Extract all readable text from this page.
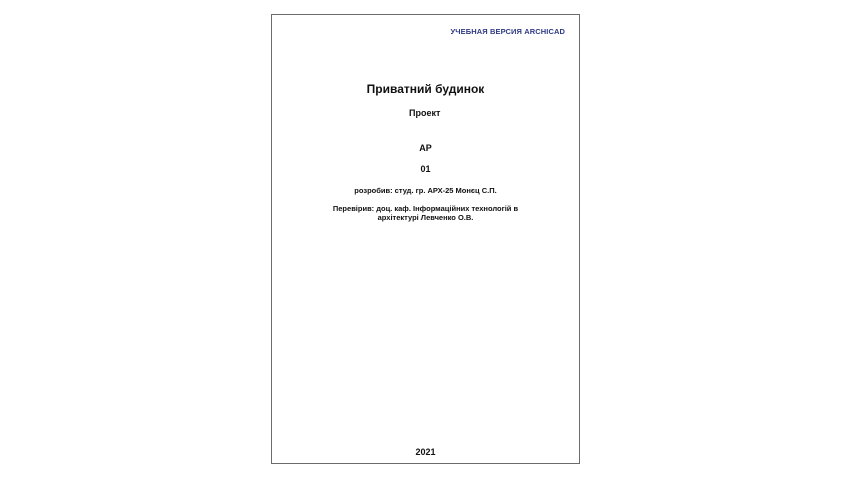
УЧЕБНАЯ ВЕРСИЯ ARCHICAD
Приватний будинок
Проект
АР
01
розробив: студ. гр. АРХ-25 Монєц С.П.
Перевірив: доц. каф. Інформаційних технологій в
архітектурі Левченко О.В.
2021
